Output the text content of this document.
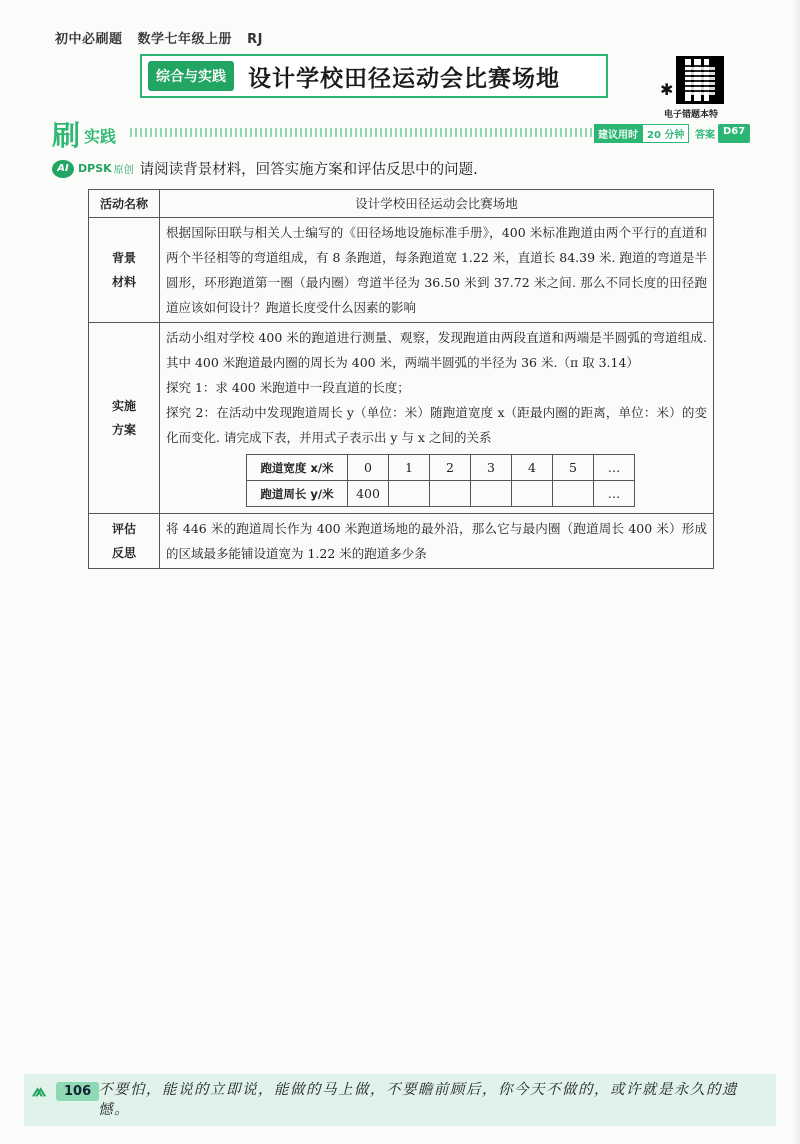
初中必刷题 数学七年级上册 RJ
综合与实践 设计学校田径运动会比赛场地	✱
电子错题本特
刷 实践	建议用时 20 分钟	答案 D67
AI DPSK 原创 请阅读背景材料，回答实施方案和评估反思中的问题.
活动名称	设计学校田径运动会比赛场地

背景材料
	根据国际田联与相关人士编写的《田径场地设施标准手册》，400 米标准跑道由两个平行的直道和两个半径相等的弯道组成，有 8 条跑道，每条跑道宽 1.22 米，直道长 84.39 米. 跑道的弯道是半圆形，环形跑道第一圈（最内圈）弯道半径为 36.50 米到 37.72 米之间. 那么不同长度的田径跑道应该如何设计？跑道长度受什么因素的影响

实施方案

活动小组对学校 400 米的跑道进行测量、观察，发现跑道由两段直道和两端是半圆弧的弯道组成. 其中 400 米跑道最内圈的周长为 400 米，两端半圆弧的半径为 36 米.（π 取 3.14）
探究 1：求 400 米跑道中一段直道的长度；
探究 2：在活动中发现跑道周长 y（单位：米）随跑道宽度 x（距最内圈的距离，单位：米）的变化而变化. 请完成下表，并用式子表示出 y 与 x 之间的关系
跑道宽度 x/米	0	1	2	3	4	5	…
跑道周长 y/米	400						…

评估反思
	将 446 米的跑道周长作为 400 米跑道场地的最外沿，那么它与最内圈（跑道周长 400 米）形成的区域最多能铺设道宽为 1.22 米的跑道多少条
⩕	106 不要怕，能说的立即说，能做的马上做，不要瞻前顾后，你今天不做的，或许就是永久的遗憾。
